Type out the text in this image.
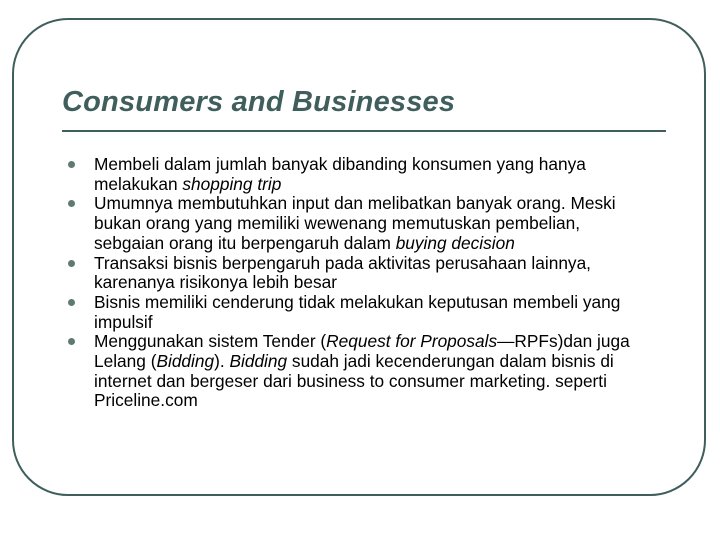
Consumers and Businesses
Membeli dalam jumlah banyak dibanding konsumen yang hanya melakukan shopping trip
Umumnya membutuhkan input dan melibatkan banyak orang. Meski bukan orang yang memiliki wewenang memutuskan pembelian, sebgaian orang itu berpengaruh dalam buying decision
Transaksi bisnis berpengaruh pada aktivitas perusahaan lainnya, karenanya risikonya lebih besar
Bisnis memiliki cenderung tidak melakukan keputusan membeli yang impulsif
Menggunakan sistem Tender (Request for Proposals—RPFs)dan juga Lelang (Bidding). Bidding sudah jadi kecenderungan dalam bisnis di internet dan bergeser dari business to consumer marketing. seperti Priceline.com
